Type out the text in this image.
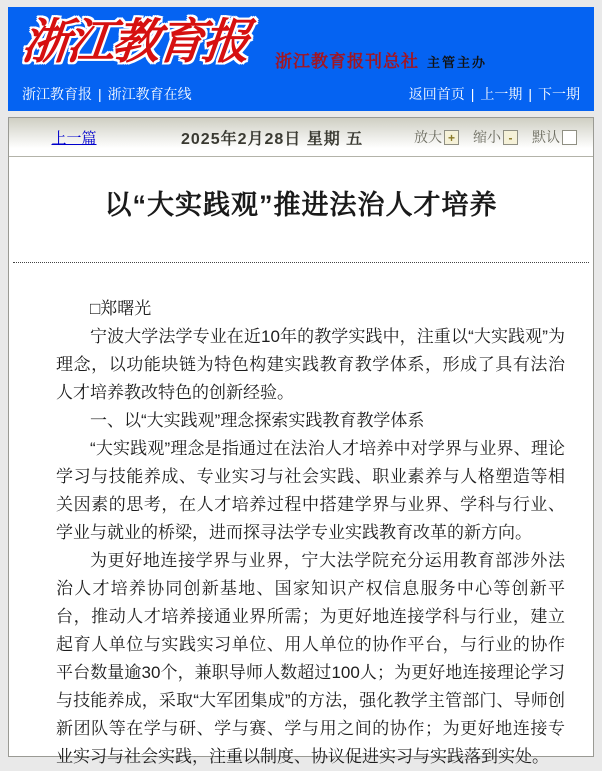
浙江教育报 浙江教育报刊总社 主管主办
浙江教育报 | 浙江教育在线	返回首页 | 上一期 | 下一期
上一篇	2025年2月28日 星期 五	放大 + 缩小 -	默认
以“大实践观”推进法治人才培养

□郑曙光

宁波大学法学专业在近10年的教学实践中，注重以“大实践观”为理念，以功能块链为特色构建实践教育教学体系，形成了具有法治人才培养教改特色的创新经验。

一、以“大实践观”理念探索实践教育教学体系

“大实践观”理念是指通过在法治人才培养中对学界与业界、理论学习与技能养成、专业实习与社会实践、职业素养与人格塑造等相关因素的思考，在人才培养过程中搭建学界与业界、学科与行业、学业与就业的桥梁，进而探寻法学专业实践教育改革的新方向。

为更好地连接学界与业界，宁大法学院充分运用教育部涉外法治人才培养协同创新基地、国家知识产权信息服务中心等创新平台，推动人才培养接通业界所需；为更好地连接学科与行业，建立起育人单位与实践实习单位、用人单位的协作平台，与行业的协作平台数量逾30个，兼职导师人数超过100人；为更好地连接理论学习与技能养成，采取“大军团集成”的方法，强化教学主管部门、导师创新团队等在学与研、学与赛、学与用之间的协作；为更好地连接专业实习与社会实践，注重以制度、协议促进实习与实践落到实处。
